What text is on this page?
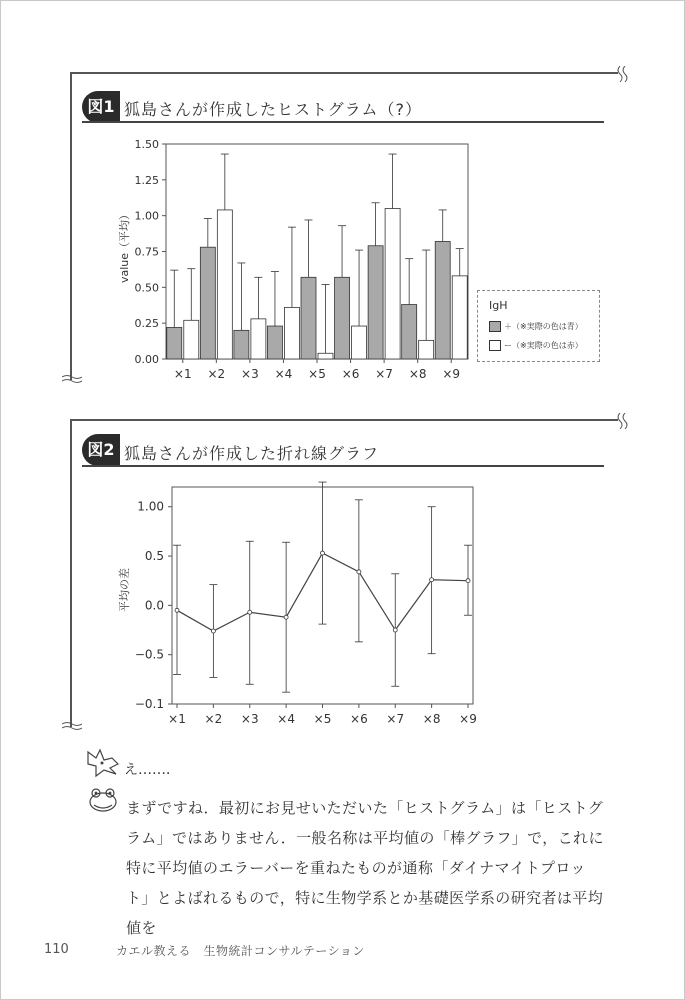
図1 狐島さんが作成したヒストグラム（?）
value（平均）
0.00
0.25
0.50
0.75
1.00
1.25
1.50
×1 ×2 ×3 ×4 ×5 ×6 ×7 ×8 ×9
IgH
＋（※実際の色は青）
ー（※実際の色は赤）
図2 狐島さんが作成した折れ線グラフ
平均の差
−0.1
−0.5
0.0
0.5
1.00
×1 ×2 ×3 ×4 ×5 ×6 ×7 ×8 ×9
え……．
まずですね．最初にお見せいただいた「ヒストグラム」は「ヒストグラム」ではありません．一般名称は平均値の「棒グラフ」で，これに特に平均値のエラーバーを重ねたものが通称「ダイナマイトプロット」とよばれるもので，特に生物学系とか基礎医学系の研究者は平均値を
110	カエル教える　生物統計コンサルテーション
